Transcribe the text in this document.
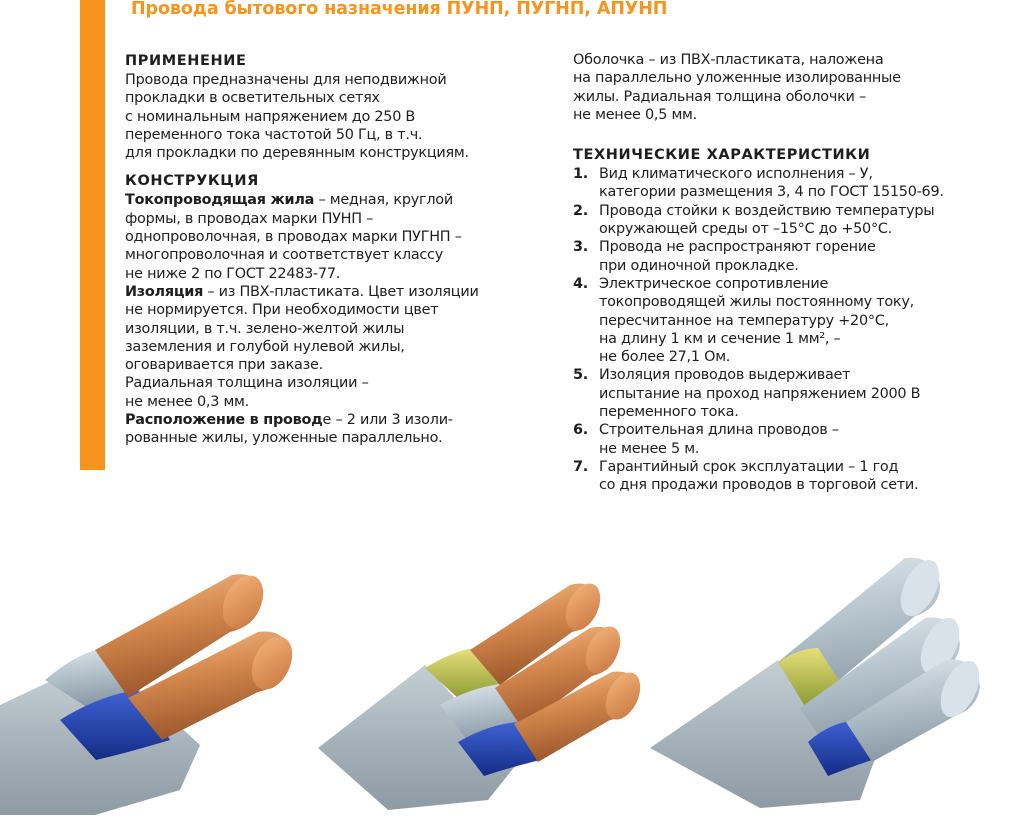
Провода бытового назначения ПУНП, ПУГНП, АПУНП
ПРИМЕНЕНИЕ
Провода предназначены для неподвижной
прокладки в осветительных сетях
с номинальным напряжением до 250 В
переменного тока частотой 50 Гц, в т.ч.
для прокладки по деревянным конструкциям.
КОНСТРУКЦИЯ
Токопроводящая жила – медная, круглой
формы, в проводах марки ПУНП –
однопроволочная, в проводах марки ПУГНП –
многопроволочная и соответствует классу
не ниже 2 по ГОСТ 22483-77.
Изоляция – из ПВХ-пластиката. Цвет изоляции
не нормируется. При необходимости цвет
изоляции, в т.ч. зелено-желтой жилы
заземления и голубой нулевой жилы,
оговаривается при заказе.
Радиальная толщина изоляции –
не менее 0,3 мм.
Расположение в проводе – 2 или 3 изоли-
рованные жилы, уложенные параллельно.
Оболочка – из ПВХ-пластиката, наложена
на параллельно уложенные изолированные
жилы. Радиальная толщина оболочки –
не менее 0,5 мм.
ТЕХНИЧЕСКИЕ ХАРАКТЕРИСТИКИ
1. Вид климатического исполнения – У,
категории размещения 3, 4 по ГОСТ 15150-69.
2. Провода стойки к воздействию температуры
окружающей среды от –15°С до +50°С.
3. Провода не распространяют горение
при одиночной прокладке.
4. Электрическое сопротивление
токопроводящей жилы постоянному току,
пересчитанное на температуру +20°С,
на длину 1 км и сечение 1 мм², –
не более 27,1 Ом.
5. Изоляция проводов выдерживает
испытание на проход напряжением 2000 В
переменного тока.
6. Строительная длина проводов –
не менее 5 м.
7. Гарантийный срок эксплуатации – 1 год
со дня продажи проводов в торговой сети.
